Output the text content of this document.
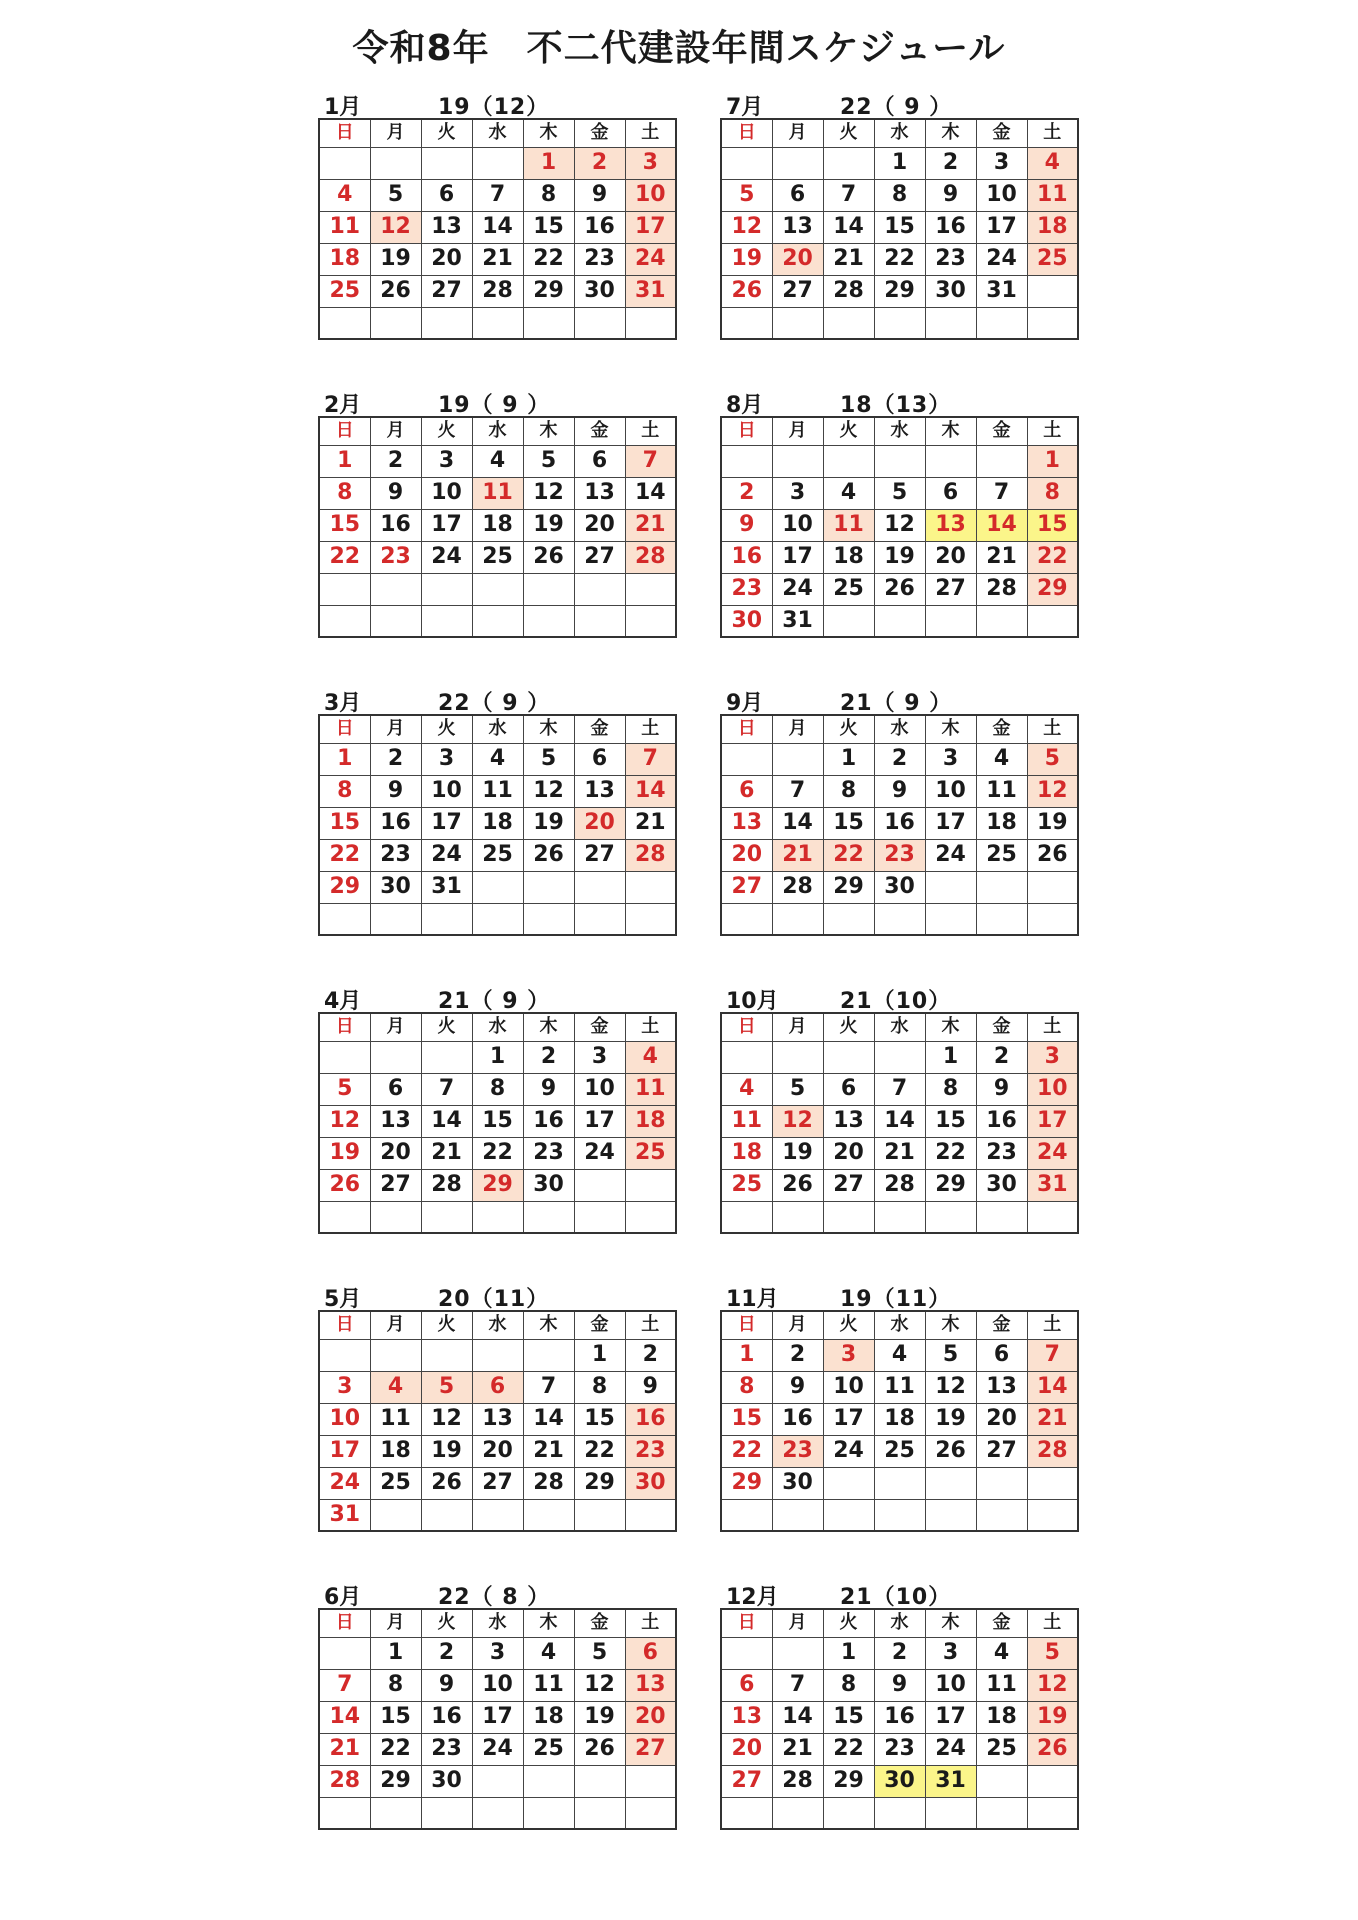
令和8年　不二代建設年間スケジュール
1月	19（12）
日	月	火	水	木	金	土
				1	2	3
4	5	6	7	8	9	10
11	12	13	14	15	16	17
18	19	20	21	22	23	24
25	26	27	28	29	30	31

7月	22（ 9 ）
日	月	火	水	木	金	土
			1	2	3	4
5	6	7	8	9	10	11
12	13	14	15	16	17	18
19	20	21	22	23	24	25
26	27	28	29	30	31	

2月	19（ 9 ）
日	月	火	水	木	金	土
1	2	3	4	5	6	7
8	9	10	11	12	13	14
15	16	17	18	19	20	21
22	23	24	25	26	27	28

8月	18（13）
日	月	火	水	木	金	土
						1
2	3	4	5	6	7	8
9	10	11	12	13	14	15
16	17	18	19	20	21	22
23	24	25	26	27	28	29
30	31					
3月	22（ 9 ）
日	月	火	水	木	金	土
1	2	3	4	5	6	7
8	9	10	11	12	13	14
15	16	17	18	19	20	21
22	23	24	25	26	27	28
29	30	31				

9月	21（ 9 ）
日	月	火	水	木	金	土
		1	2	3	4	5
6	7	8	9	10	11	12
13	14	15	16	17	18	19
20	21	22	23	24	25	26
27	28	29	30			

4月	21（ 9 ）
日	月	火	水	木	金	土
			1	2	3	4
5	6	7	8	9	10	11
12	13	14	15	16	17	18
19	20	21	22	23	24	25
26	27	28	29	30		

10月	21（10）
日	月	火	水	木	金	土
				1	2	3
4	5	6	7	8	9	10
11	12	13	14	15	16	17
18	19	20	21	22	23	24
25	26	27	28	29	30	31

5月	20（11）
日	月	火	水	木	金	土
					1	2
3	4	5	6	7	8	9
10	11	12	13	14	15	16
17	18	19	20	21	22	23
24	25	26	27	28	29	30
31						
11月	19（11）
日	月	火	水	木	金	土
1	2	3	4	5	6	7
8	9	10	11	12	13	14
15	16	17	18	19	20	21
22	23	24	25	26	27	28
29	30					

6月	22（ 8 ）
日	月	火	水	木	金	土
	1	2	3	4	5	6
7	8	9	10	11	12	13
14	15	16	17	18	19	20
21	22	23	24	25	26	27
28	29	30				

12月	21（10）
日	月	火	水	木	金	土
		1	2	3	4	5
6	7	8	9	10	11	12
13	14	15	16	17	18	19
20	21	22	23	24	25	26
27	28	29	30	31		
